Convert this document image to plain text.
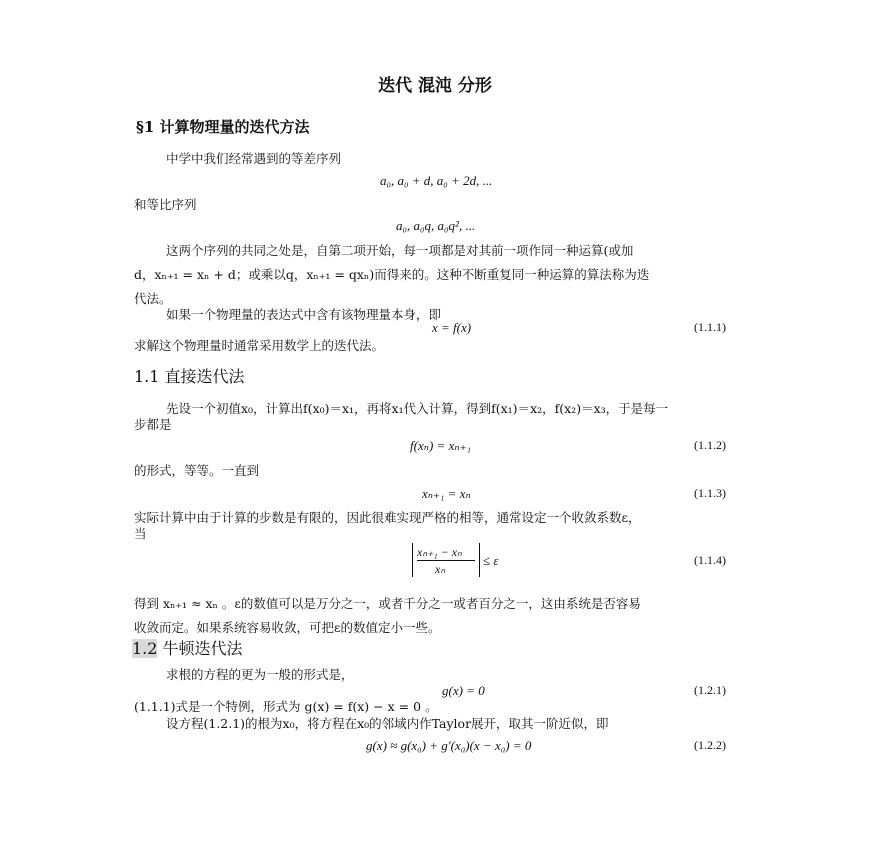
迭代 混沌 分形
§1 计算物理量的迭代方法
中学中我们经常遇到的等差序列
a₀, a₀ + d, a₀ + 2d, ...
和等比序列
a₀, a₀q, a₀q², ...
这两个序列的共同之处是，自第二项开始，每一项都是对其前一项作同一种运算(或加
d，xₙ₊₁ = xₙ + d；或乘以q，xₙ₊₁ = qxₙ)而得来的。这种不断重复同一种运算的算法称为迭
代法。
如果一个物理量的表达式中含有该物理量本身，即
x = f(x)	(1.1.1)
求解这个物理量时通常采用数学上的迭代法。
1.1 直接迭代法
先设一个初值x₀，计算出f(x₀)＝x₁，再将x₁代入计算，得到f(x₁)＝x₂，f(x₂)＝x₃，于是每一
步都是
f(xₙ) = xₙ₊₁	(1.1.2)
的形式，等等。一直到
xₙ₊₁ = xₙ	(1.1.3)
实际计算中由于计算的步数是有限的，因此很难实现严格的相等，通常设定一个收敛系数ε，
当
xₙ₊₁ − xₙ
xₙ
≤ ε	(1.1.4)
得到 xₙ₊₁ ≈ xₙ 。ε的数值可以是万分之一，或者千分之一或者百分之一，这由系统是否容易
收敛而定。如果系统容易收敛，可把ε的数值定小一些。
1.2 牛顿迭代法
求根的方程的更为一般的形式是，
g(x) = 0	(1.2.1)
(1.1.1)式是一个特例，形式为 g(x) = f(x) − x = 0 。
设方程(1.2.1)的根为x₀，将方程在x₀的邻域内作Taylor展开，取其一阶近似，即
g(x) ≈ g(x₀) + g′(x₀)(x − x₀) = 0	(1.2.2)
